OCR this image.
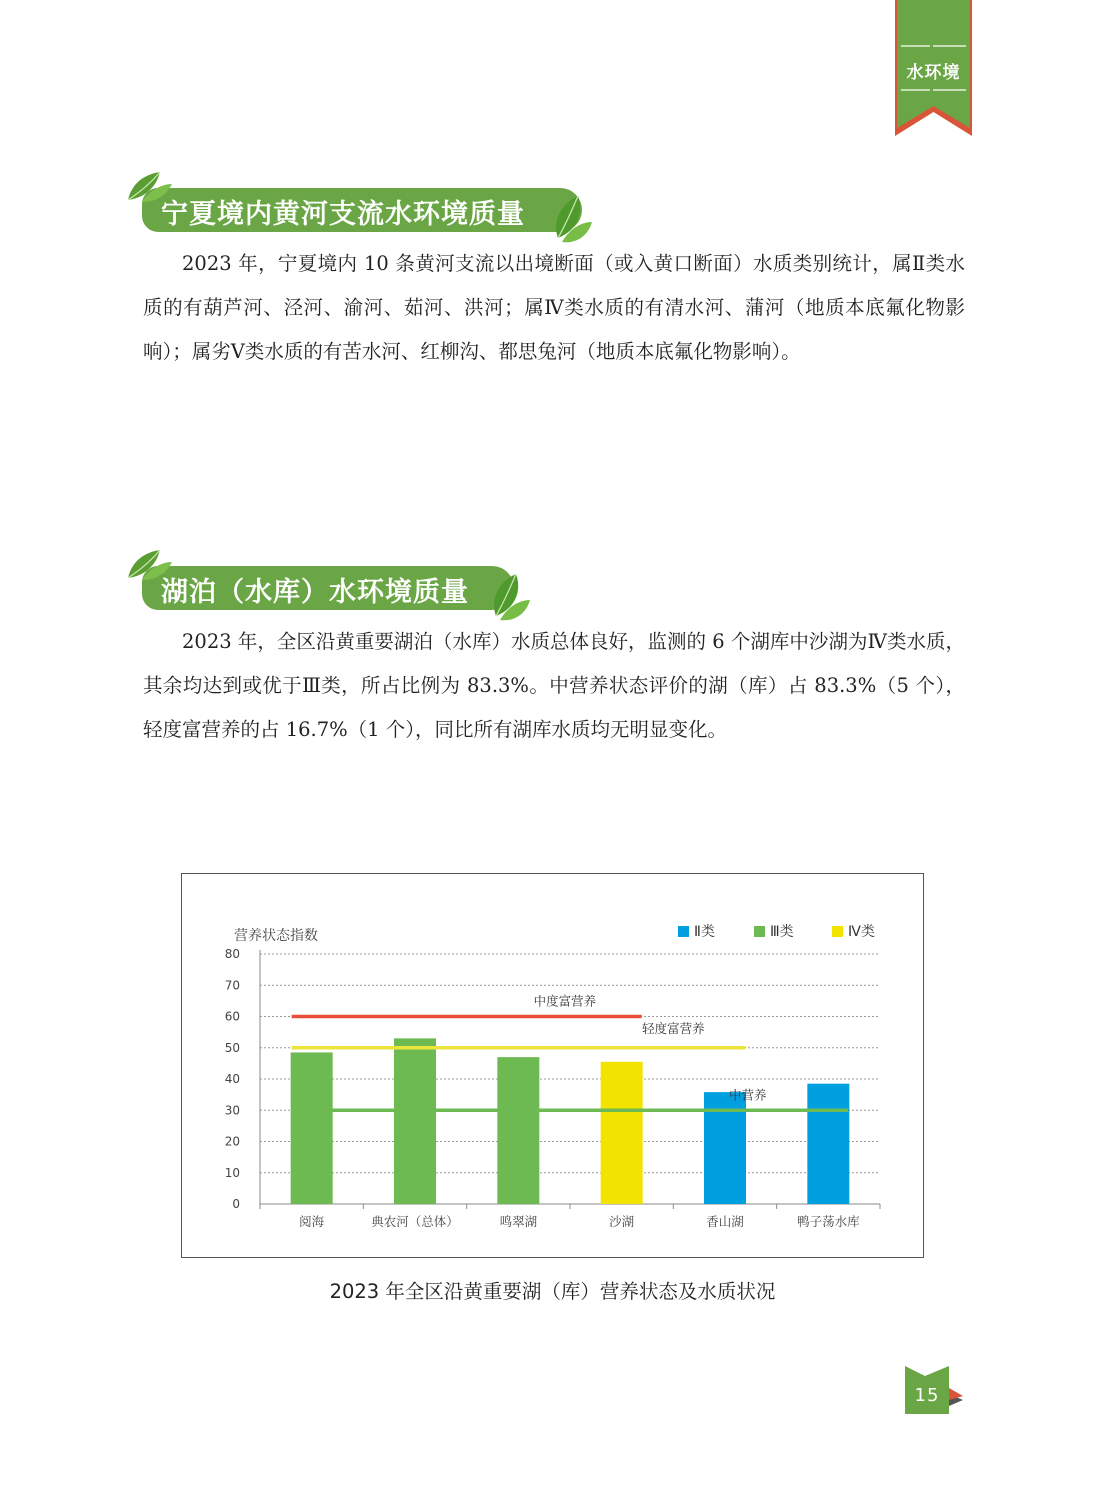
水环境
宁夏境内黄河支流水环境质量

2023 年，宁夏境内 10 条黄河支流以出境断面（或入黄口断面）水质类别统计，属Ⅱ类水质的有葫芦河、泾河、渝河、茹河、洪河；属Ⅳ类水质的有清水河、蒲河（地质本底氟化物影响）；属劣Ⅴ类水质的有苦水河、红柳沟、都思兔河（地质本底氟化物影响）。

湖泊（水库）水环境质量

2023 年，全区沿黄重要湖泊（水库）水质总体良好，监测的 6 个湖库中沙湖为Ⅳ类水质，其余均达到或优于Ⅲ类，所占比例为 83.3%。中营养状态评价的湖（库）占 83.3%（5 个），轻度富营养的占 16.7%（1 个），同比所有湖库水质均无明显变化。

0
10
20
30
40
50
60
70
80
营养状态指数
中度富营养
轻度富营养
中营养
阅海	典农河（总体）	鸣翠湖	沙湖	香山湖	鸭子荡水库
Ⅱ类	Ⅲ类	Ⅳ类
2023 年全区沿黄重要湖（库）营养状态及水质状况
15
